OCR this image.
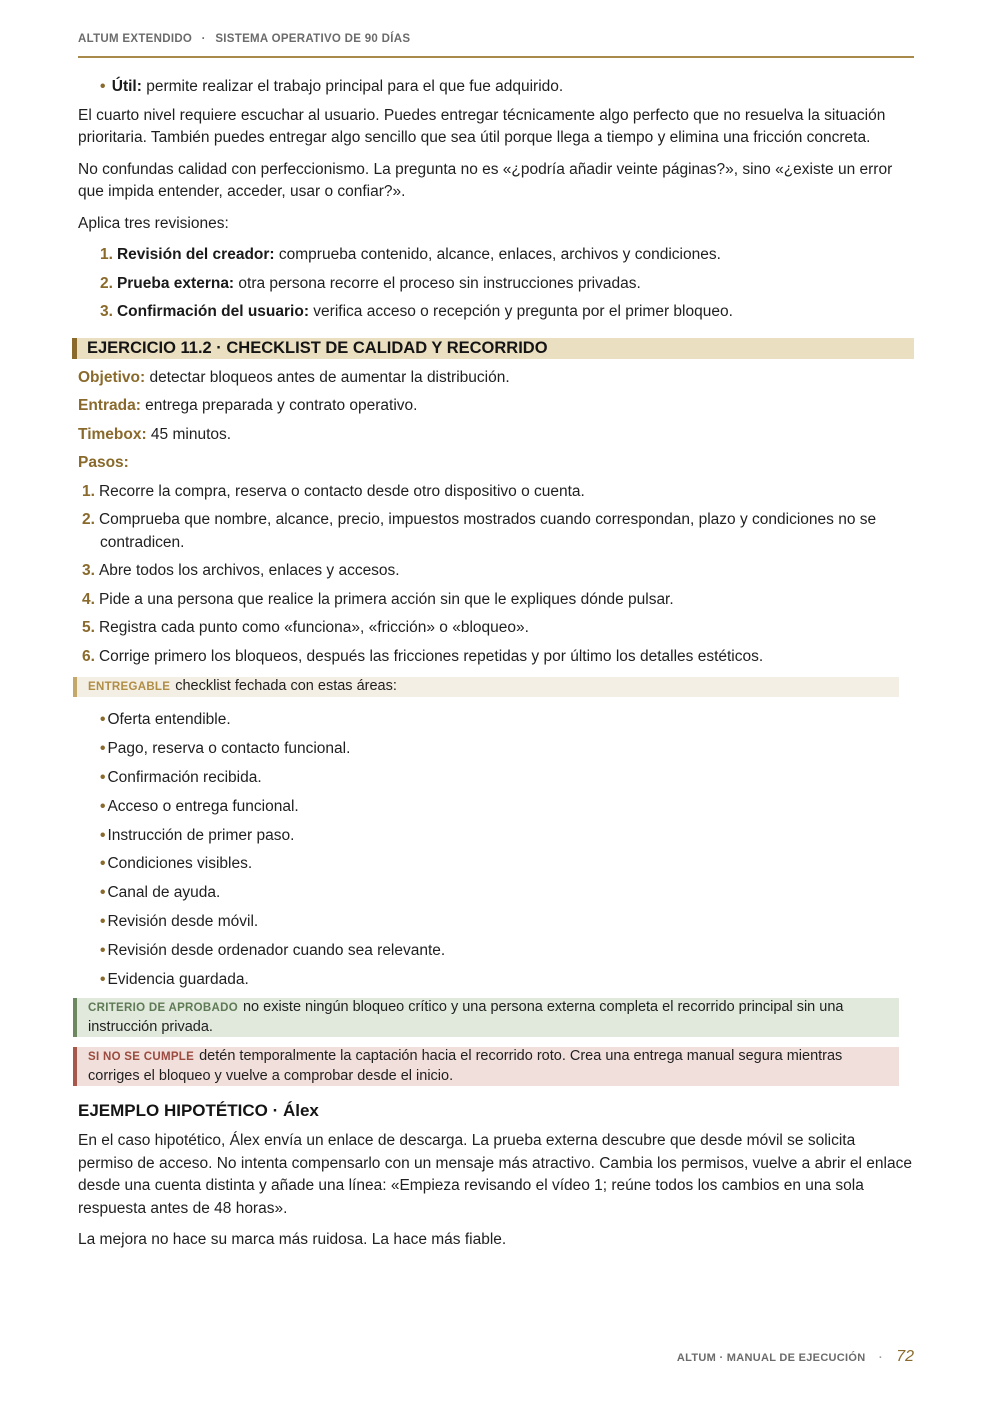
ALTUM EXTENDIDO · SISTEMA OPERATIVO DE 90 DÍAS
• Útil: permite realizar el trabajo principal para el que fue adquirido.

El cuarto nivel requiere escuchar al usuario. Puedes entregar técnicamente algo perfecto que no resuelva la situación prioritaria. También puedes entregar algo sencillo que sea útil porque llega a tiempo y elimina una fricción concreta.

No confundas calidad con perfeccionismo. La pregunta no es «¿podría añadir veinte páginas?», sino «¿existe un error que impida entender, acceder, usar o confiar?».

Aplica tres revisiones:

1. Revisión del creador: comprueba contenido, alcance, enlaces, archivos y condiciones.
2. Prueba externa: otra persona recorre el proceso sin instrucciones privadas.
3. Confirmación del usuario: verifica acceso o recepción y pregunta por el primer bloqueo.
EJERCICIO 11.2 · CHECKLIST DE CALIDAD Y RECORRIDO
Objetivo: detectar bloqueos antes de aumentar la distribución.
Entrada: entrega preparada y contrato operativo.
Timebox: 45 minutos.
Pasos:
1. Recorre la compra, reserva o contacto desde otro dispositivo o cuenta.
2. Comprueba que nombre, alcance, precio, impuestos mostrados cuando correspondan, plazo y condiciones no se contradicen.
3. Abre todos los archivos, enlaces y accesos.
4. Pide a una persona que realice la primera acción sin que le expliques dónde pulsar.
5. Registra cada punto como «funciona», «fricción» o «bloqueo».
6. Corrige primero los bloqueos, después las fricciones repetidas y por último los detalles estéticos.
ENTREGABLE checklist fechada con estas áreas:
• Oferta entendible.
• Pago, reserva o contacto funcional.
• Confirmación recibida.
• Acceso o entrega funcional.
• Instrucción de primer paso.
• Condiciones visibles.
• Canal de ayuda.
• Revisión desde móvil.
• Revisión desde ordenador cuando sea relevante.
• Evidencia guardada.
CRITERIO DE APROBADO no existe ningún bloqueo crítico y una persona externa completa el recorrido principal sin una instrucción privada.
SI NO SE CUMPLE detén temporalmente la captación hacia el recorrido roto. Crea una entrega manual segura mientras corriges el bloqueo y vuelve a comprobar desde el inicio.
EJEMPLO HIPOTÉTICO · Álex

En el caso hipotético, Álex envía un enlace de descarga. La prueba externa descubre que desde móvil se solicita permiso de acceso. No intenta compensarlo con un mensaje más atractivo. Cambia los permisos, vuelve a abrir el enlace desde una cuenta distinta y añade una línea: «Empieza revisando el vídeo 1; reúne todos los cambios en una sola respuesta antes de 48 horas».

La mejora no hace su marca más ruidosa. La hace más fiable.

ALTUM · MANUAL DE EJECUCIÓN · 72
